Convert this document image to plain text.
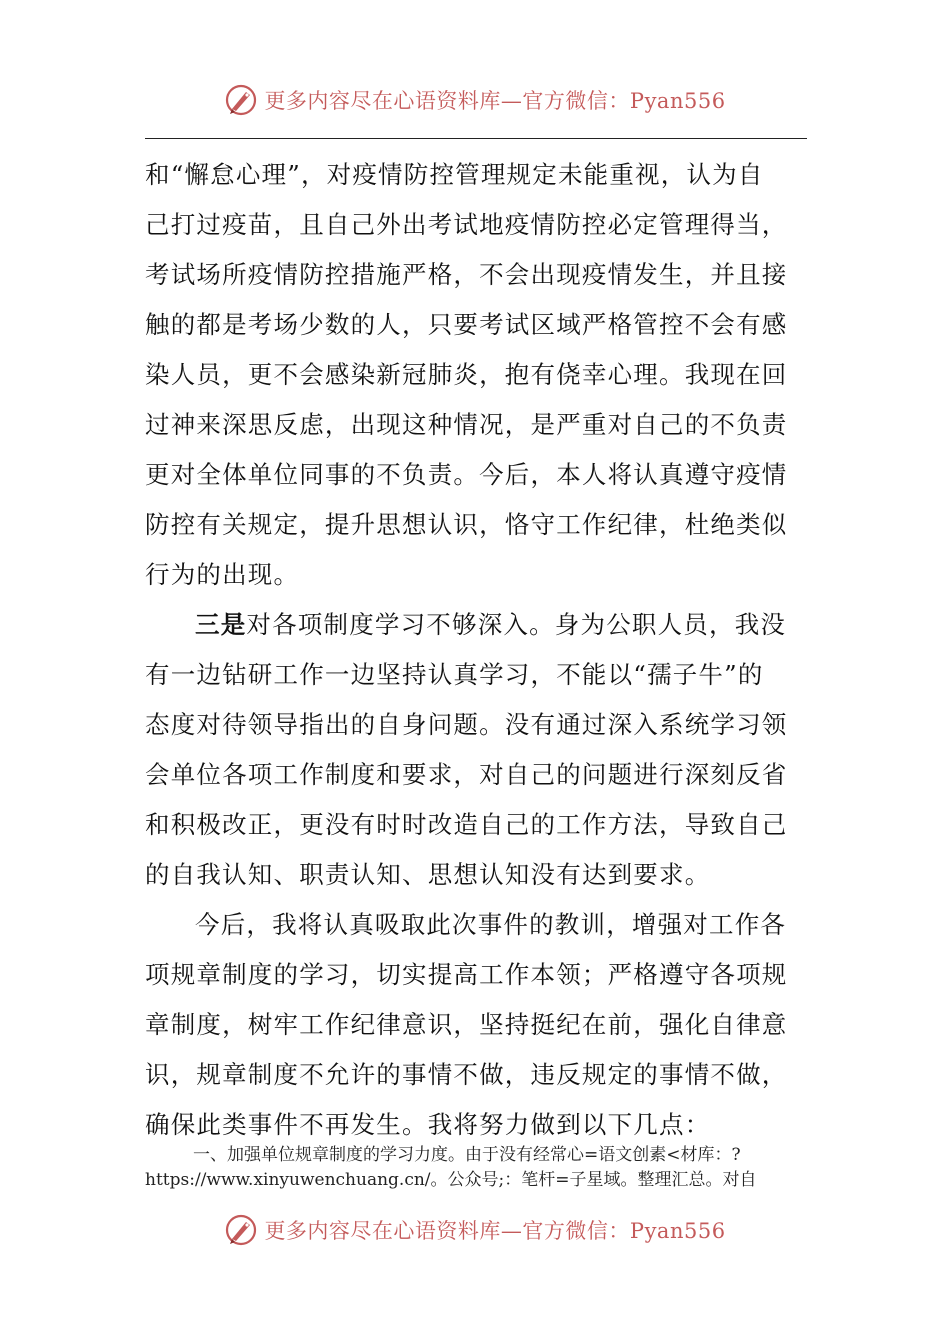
更多内容尽在心语资料库—官方微信：Pyan556
和“懈怠心理”，对疫情防控管理规定未能重视，认为自
己打过疫苗，且自己外出考试地疫情防控必定管理得当，
考试场所疫情防控措施严格，不会出现疫情发生，并且接
触的都是考场少数的人，只要考试区域严格管控不会有感
染人员，更不会感染新冠肺炎，抱有侥幸心理。我现在回
过神来深思反虑，出现这种情况，是严重对自己的不负责
更对全体单位同事的不负责。今后，本人将认真遵守疫情
防控有关规定，提升思想认识，恪守工作纪律，杜绝类似
行为的出现。
三是对各项制度学习不够深入。身为公职人员，我没
有一边钻研工作一边坚持认真学习，不能以“孺子牛”的
态度对待领导指出的自身问题。没有通过深入系统学习领
会单位各项工作制度和要求，对自己的问题进行深刻反省
和积极改正，更没有时时改造自己的工作方法，导致自己
的自我认知、职责认知、思想认知没有达到要求。
今后，我将认真吸取此次事件的教训，增强对工作各
项规章制度的学习，切实提高工作本领；严格遵守各项规
章制度，树牢工作纪律意识，坚持挺纪在前，强化自律意
识，规章制度不允许的事情不做，违反规定的事情不做，
确保此类事件不再发生。我将努力做到以下几点：
一、加强单位规章制度的学习力度。由于没有经常心=语文创素<材库：?
https://www.xinyuwenchuang.cn/。公众号;：笔杆=子星域。整理汇总。对自
更多内容尽在心语资料库—官方微信：Pyan556
